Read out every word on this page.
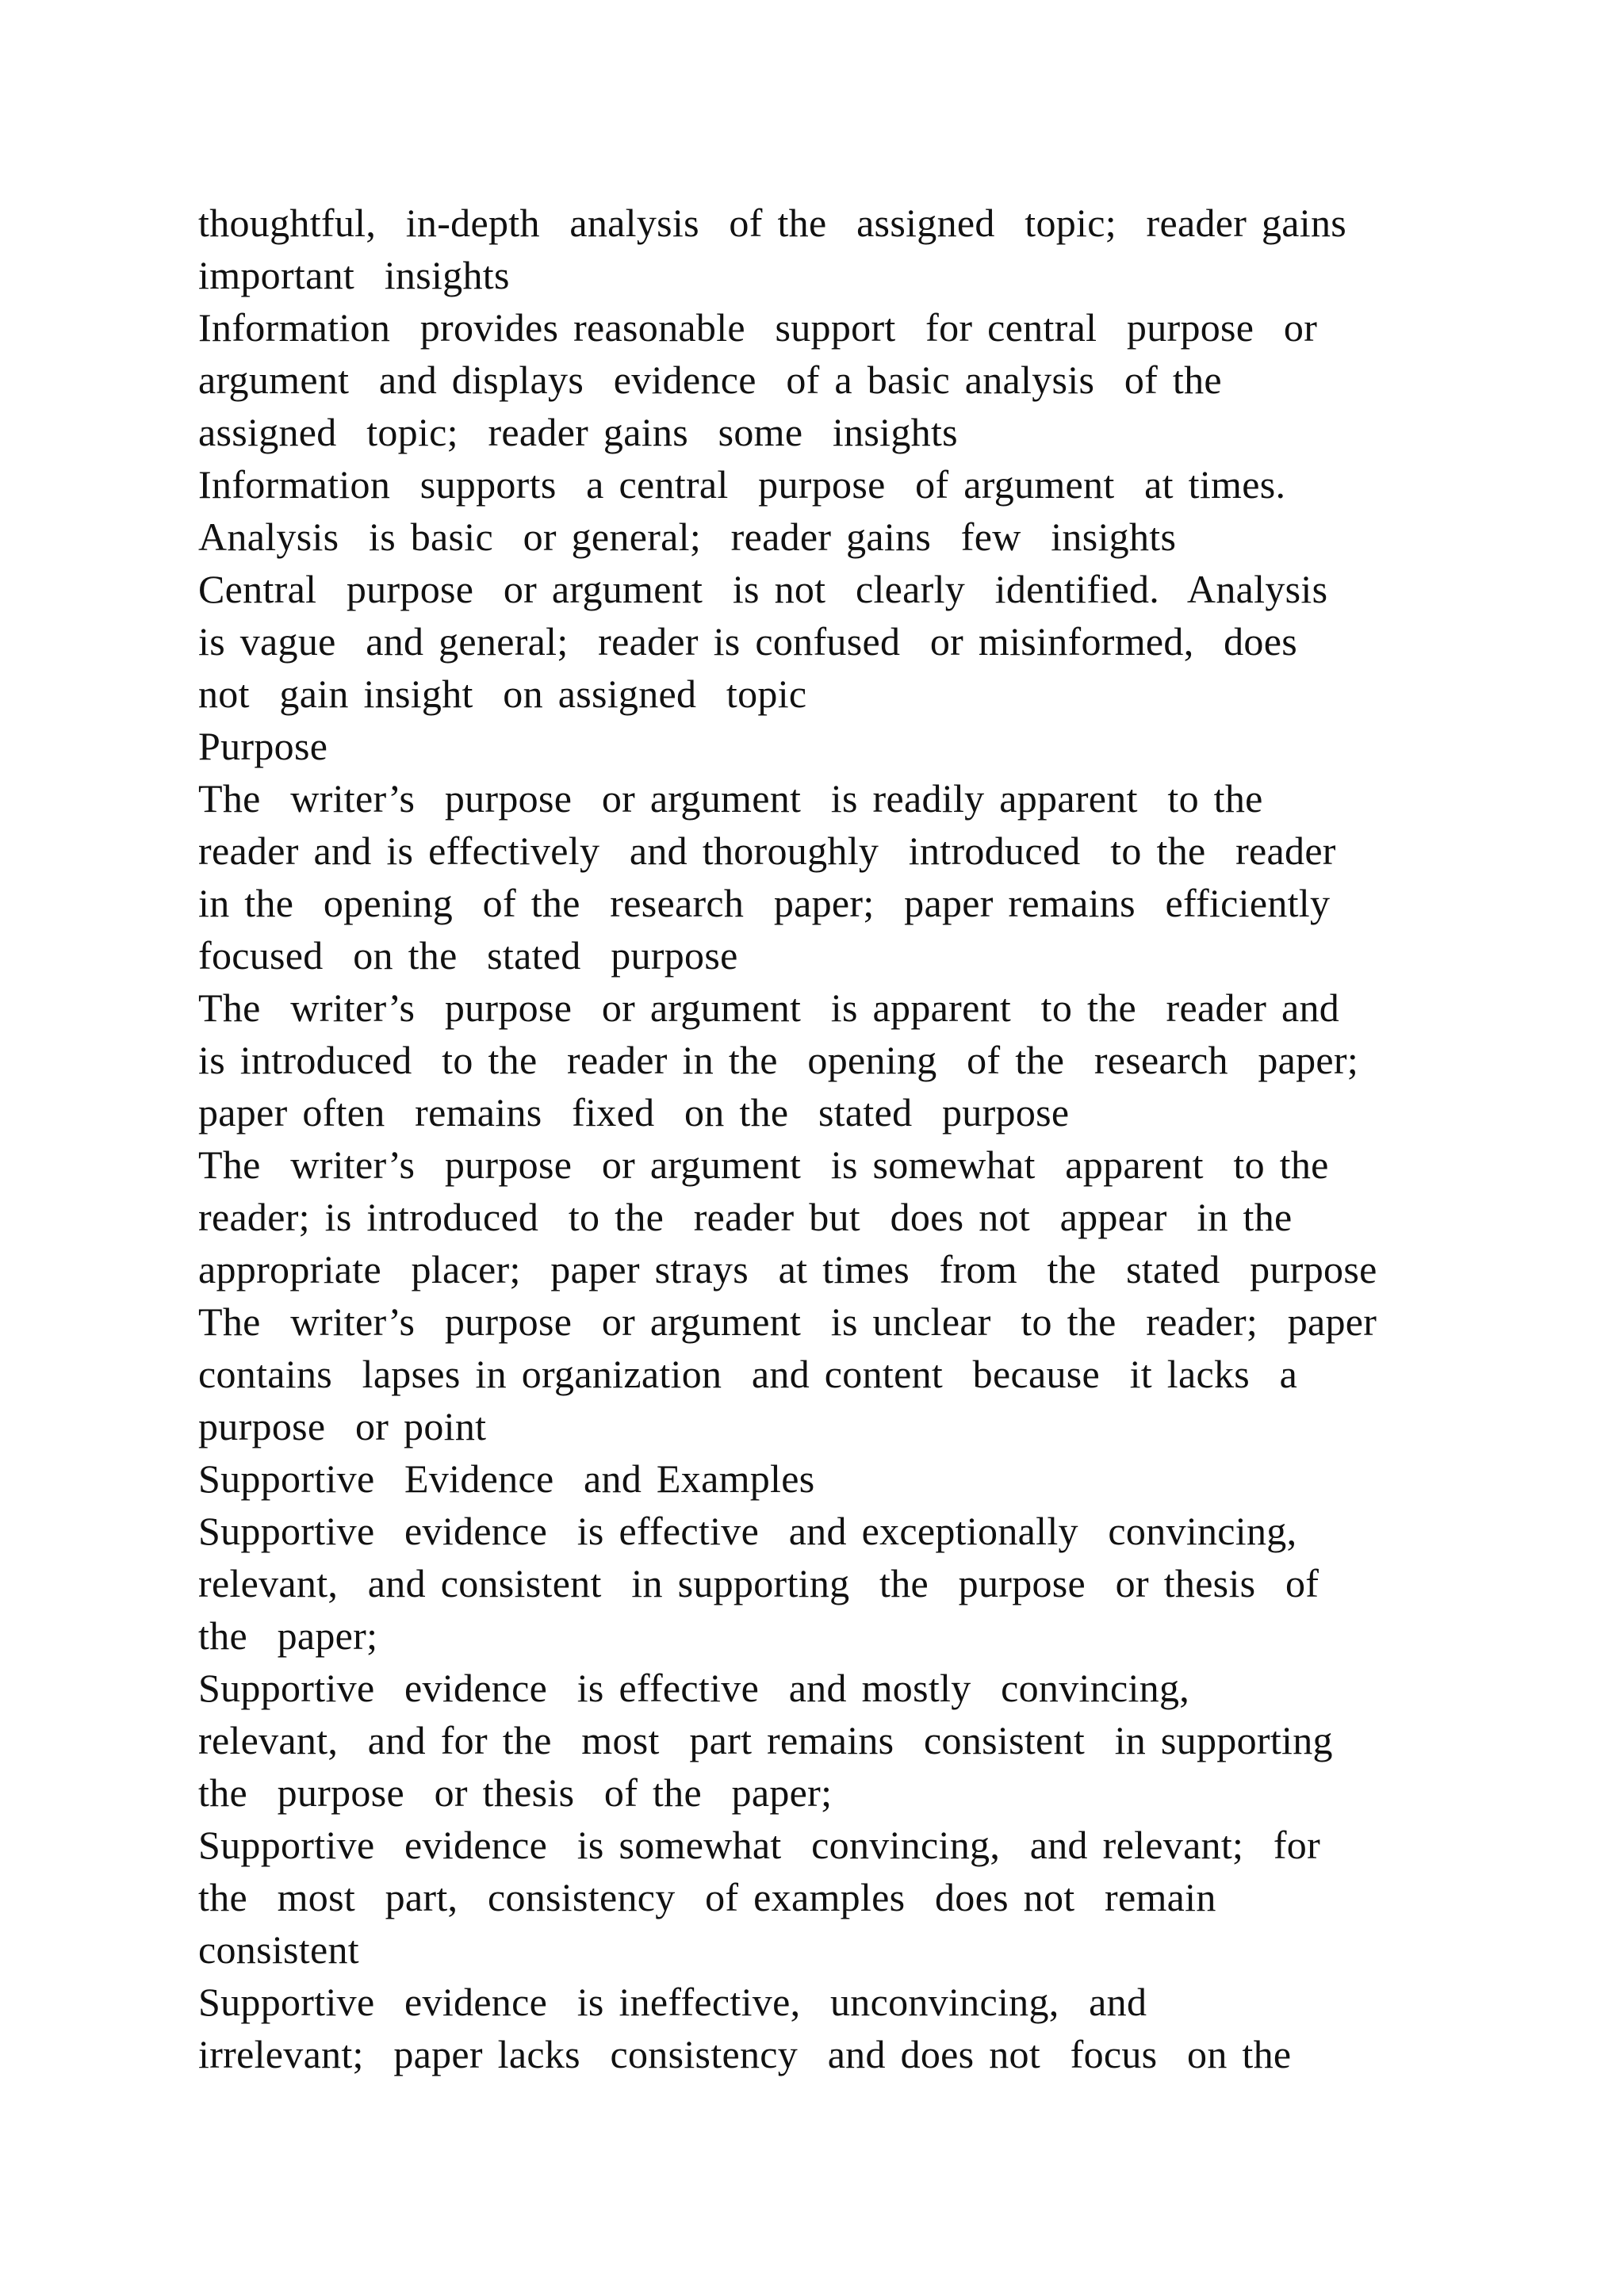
thoughtful,  in-depth  analysis  of the  assigned  topic;  reader gains
important  insights
Information  provides reasonable  support  for central  purpose  or
argument  and displays  evidence  of a basic analysis  of the
assigned  topic;  reader gains  some  insights
Information  supports  a central  purpose  of argument  at times.
Analysis  is basic  or general;  reader gains  few  insights
Central  purpose  or argument  is not  clearly  identified.  Analysis
is vague  and general;  reader is confused  or misinformed,  does
not  gain insight  on assigned  topic
Purpose
The  writer’s  purpose  or argument  is readily apparent  to the
reader and is effectively  and thoroughly  introduced  to the  reader
in the  opening  of the  research  paper;  paper remains  efficiently
focused  on the  stated  purpose
The  writer’s  purpose  or argument  is apparent  to the  reader and
is introduced  to the  reader in the  opening  of the  research  paper;
paper often  remains  fixed  on the  stated  purpose
The  writer’s  purpose  or argument  is somewhat  apparent  to the
reader; is introduced  to the  reader but  does not  appear  in the
appropriate  placer;  paper strays  at times  from  the  stated  purpose
The  writer’s  purpose  or argument  is unclear  to the  reader;  paper
contains  lapses in organization  and content  because  it lacks  a
purpose  or point
Supportive  Evidence  and Examples
Supportive  evidence  is effective  and exceptionally  convincing,
relevant,  and consistent  in supporting  the  purpose  or thesis  of
the  paper;
Supportive  evidence  is effective  and mostly  convincing,
relevant,  and for the  most  part remains  consistent  in supporting
the  purpose  or thesis  of the  paper;
Supportive  evidence  is somewhat  convincing,  and relevant;  for
the  most  part,  consistency  of examples  does not  remain
consistent
Supportive  evidence  is ineffective,  unconvincing,  and
irrelevant;  paper lacks  consistency  and does not  focus  on the
